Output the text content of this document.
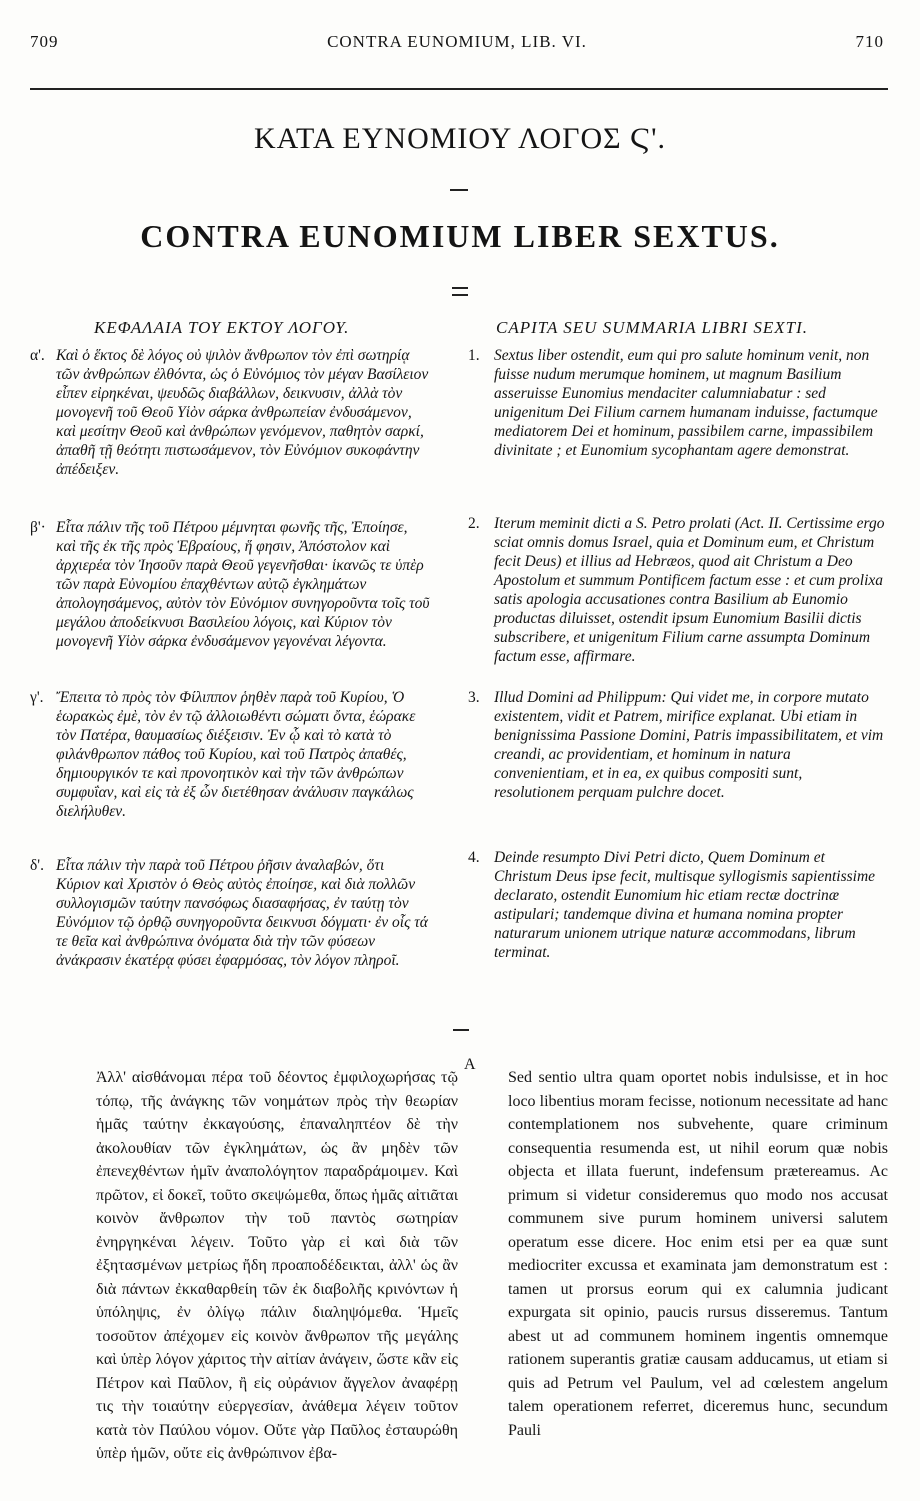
709	CONTRA EUNOMIUM, LIB. VI.	710
ΚΑΤΑ ΕΥΝΟΜΙΟΥ ΛΟΓΟΣ Ϛ'.
CONTRA EUNOMIUM LIBER SEXTUS.
ΚΕΦΑΛΑΙΑ ΤΟΥ ΕΚΤΟΥ ΛΟΓΟΥ.	CAPITA SEU SUMMARIA LIBRI SEXTI.
α'. Καὶ ὁ ἕκτος δὲ λόγος οὐ ψιλὸν ἄνθρωπον τὸν ἐπὶ σωτηρίᾳ τῶν ἀνθρώπων ἐλθόντα, ὡς ὁ Εὐνόμιος τὸν μέγαν Βασίλειον εἶπεν εἰρηκέναι, ψευδῶς διαβάλλων, δεικνυσιν, ἀλλὰ τὸν μονογενῆ τοῦ Θεοῦ Υἱὸν σάρκα ἀνθρωπείαν ἐνδυσάμενον, καὶ μεσίτην Θεοῦ καὶ ἀνθρώπων γενόμενον, παθητὸν σαρκί, ἀπαθῆ τῇ θεότητι πιστωσάμενον, τὸν Εὐνόμιον συκοφάντην ἀπέδειξεν.
β'· Εἶτα πάλιν τῆς τοῦ Πέτρου μέμνηται φωνῆς τῆς, Ἐποίησε, καὶ τῆς ἐκ τῆς πρὸς Ἑβραίους, ἥ φησιν, Ἀπόστολον καὶ ἀρχιερέα τὸν Ἰησοῦν παρὰ Θεοῦ γεγενῆσθαι· ἱκανῶς τε ὑπὲρ τῶν παρὰ Εὐνομίου ἐπαχθέντων αὐτῷ ἐγκλημάτων ἀπολογησάμενος, αὐτὸν τὸν Εὐνόμιον συνηγοροῦντα τοῖς τοῦ μεγάλου ἀποδείκνυσι Βασιλείου λόγοις, καὶ Κύριον τὸν μονογενῆ Υἱὸν σάρκα ἐνδυσάμενον γεγονέναι λέγοντα.
γ'. Ἔπειτα τὸ πρὸς τὸν Φίλιππον ῥηθὲν παρὰ τοῦ Κυρίου, Ὁ ἑωρακὼς ἐμὲ, τὸν ἐν τῷ ἀλλοιωθέντι σώματι ὄντα, ἑώρακε τὸν Πατέρα, θαυμασίως διέξεισιν. Ἐν ᾧ καὶ τὸ κατὰ τὸ φιλάνθρωπον πάθος τοῦ Κυρίου, καὶ τοῦ Πατρὸς ἀπαθές, δημιουργικόν τε καὶ προνοητικὸν καὶ τὴν τῶν ἀνθρώπων συμφυΐαν, καὶ εἰς τὰ ἐξ ὧν διετέθησαν ἀνάλυσιν παγκάλως διελήλυθεν.
δ'. Εἶτα πάλιν τὴν παρὰ τοῦ Πέτρου ῥῆσιν ἀναλαβών, ὅτι Κύριον καὶ Χριστὸν ὁ Θεὸς αὐτὸς ἐποίησε, καὶ διὰ πολλῶν συλλογισμῶν ταύτην πανσόφως διασαφήσας, ἐν ταύτῃ τὸν Εὐνόμιον τῷ ὀρθῷ συνηγοροῦντα δεικνυσι δόγματι· ἐν οἷς τά τε θεῖα καὶ ἀνθρώπινα ὀνόματα διὰ τὴν τῶν φύσεων ἀνάκρασιν ἑκατέρᾳ φύσει ἐφαρμόσας, τὸν λόγον πληροῖ.
1. Sextus liber ostendit, eum qui pro salute hominum venit, non fuisse nudum merumque hominem, ut magnum Basilium asseruisse Eunomius mendaciter calumniabatur : sed unigenitum Dei Filium carnem humanam induisse, factumque mediatorem Dei et hominum, passibilem carne, impassibilem divinitate ; et Eunomium sycophantam agere demonstrat.
2. Iterum meminit dicti a S. Petro prolati (Act. II. Certissime ergo sciat omnis domus Israel, quia et Dominum eum, et Christum fecit Deus) et illius ad Hebræos, quod ait Christum a Deo Apostolum et summum Pontificem factum esse : et cum prolixa satis apologia accusationes contra Basilium ab Eunomio productas diluisset, ostendit ipsum Eunomium Basilii dictis subscribere, et unigenitum Filium carne assumpta Dominum factum esse, affirmare.
3. Illud Domini ad Philippum: Qui videt me, in corpore mutato existentem, vidit et Patrem, mirifice explanat. Ubi etiam in benignissima Passione Domini, Patris impassibilitatem, et vim creandi, ac providentiam, et hominum in natura convenientiam, et in ea, ex quibus compositi sunt, resolutionem perquam pulchre docet.
4. Deinde resumpto Divi Petri dicto, Quem Dominum et Christum Deus ipse fecit, multisque syllogismis sapientissime declarato, ostendit Eunomium hic etiam rectæ doctrinæ astipulari; tandemque divina et humana nomina propter naturarum unionem utrique naturæ accommodans, librum terminat.
Ἀλλ' αἰσθάνομαι πέρα τοῦ δέοντος ἐμφιλοχωρήσας τῷ τόπῳ, τῆς ἀνάγκης τῶν νοημάτων πρὸς τὴν θεωρίαν ἡμᾶς ταύτην ἐκκαγούσης, ἐπαναληπτέον δὲ τὴν ἀκολουθίαν τῶν ἐγκλημάτων, ὡς ἂν μηδὲν τῶν ἐπενεχθέντων ἡμῖν ἀναπολόγητον παραδράμοιμεν. Καὶ πρῶτον, εἰ δοκεῖ, τοῦτο σκεψώμεθα, ὅπως ἡμᾶς αἰτιᾶται κοινὸν ἄνθρωπον τὴν τοῦ παντὸς σωτηρίαν ἐνηργηκέναι λέγειν. Τοῦτο γὰρ εἰ καὶ διὰ τῶν ἐξητασμένων μετρίως ἤδη προαποδέδεικται, ἀλλ' ὡς ἂν διὰ πάντων ἐκκαθαρθείη τῶν ἐκ διαβολῆς κρινόντων ἡ ὑπόληψις, ἐν ὀλίγῳ πάλιν διαληψόμεθα. Ἡμεῖς τοσοῦτον ἀπέχομεν εἰς κοινὸν ἄνθρωπον τῆς μεγάλης καὶ ὑπὲρ λόγον χάριτος τὴν αἰτίαν ἀνάγειν, ὥστε κἂν εἰς Πέτρον καὶ Παῦλον, ἢ εἰς οὐράνιον ἄγγελον ἀναφέρῃ τις τὴν τοιαύτην εὐεργεσίαν, ἀνάθεμα λέγειν τοῦτον κατὰ τὸν Παύλου νόμον. Οὔτε γὰρ Παῦλος ἐσταυρώθη ὑπὲρ ἡμῶν, οὔτε εἰς ἀνθρώπινον ἐβα-
A
Sed sentio ultra quam oportet nobis indulsisse, et in hoc loco libentius moram fecisse, notionum necessitate ad hanc contemplationem nos subvehente, quare criminum consequentia resumenda est, ut nihil eorum quæ nobis objecta et illata fuerunt, indefensum prætereamus. Ac primum si videtur consideremus quo modo nos accusat communem sive purum hominem universi salutem operatum esse dicere. Hoc enim etsi per ea quæ sunt mediocriter excussa et examinata jam demonstratum est : tamen ut prorsus eorum qui ex calumnia judicant expurgata sit opinio, paucis rursus disseremus. Tantum abest ut ad communem hominem ingentis omnemque rationem superantis gratiæ causam adducamus, ut etiam si quis ad Petrum vel Paulum, vel ad cœlestem angelum talem operationem referret, diceremus hunc, secundum Pauli
